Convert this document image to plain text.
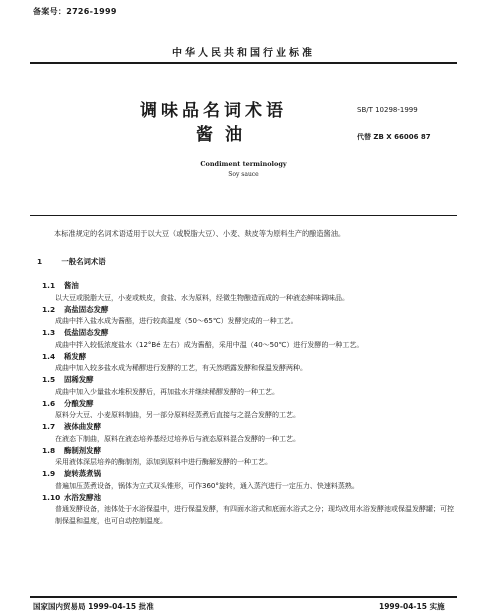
备案号：2726-1999
中华人民共和国行业标准
调味品名词术语
酱油
SB/T 10298-1999
代替 ZB X 66006 87
Condiment terminology
Soy sauce
本标准规定的名词术语适用于以大豆（或脱脂大豆）、小麦、麸皮等为原料生产的酿造酱油。
1	一般名词术语
1.1 酱油
以大豆或脱脂大豆，小麦或麸皮，食盐、水为原料，经微生物酿造而成的一种液态鲜味调味品。
1.2 高盐固态发酵
成曲中拌入盐水成为酱醅，进行较高温度（50～65℃）发酵完成的一种工艺。
1.3 低盐固态发酵
成曲中拌入较低浓度盐水（12°Bé 左右）成为酱醅，采用中温（40～50℃）进行发酵的一种工艺。
1.4 稀发酵
成曲中加入较多盐水成为稀醪进行发酵的工艺，有天然晒露发酵和保温发酵两种。
1.5 固稀发酵
成曲中加入少量盐水堆积发酵后，再加盐水并继续稀醪发酵的一种工艺。
1.6 分酿发酵
原料分大豆、小麦原料制曲，另一部分原料经蒸煮后直接与之混合发酵的工艺。
1.7 液体曲发酵
在液态下制曲，原料在液态培养基经过培养后与液态原料混合发酵的一种工艺。
1.8 酶制剂发酵
采用液体深层培养的酶制剂，添加到原料中进行酶解发酵的一种工艺。
1.9 旋转蒸煮锅
普遍加压蒸煮设备，锅体为立式双头锥形，可作360°旋转，通入蒸汽进行一定压力、快速料蒸熟。
1.10 水浴发酵池
普通发酵设备，池体处于水浴保温中，进行保温发酵，有四面水浴式和底面水浴式之分；现均改用水浴发酵池或保温发酵罐；可控制保温和温度，也可自动控制温度。
国家国内贸易局 1999-04-15 批准	1999-04-15 实施
